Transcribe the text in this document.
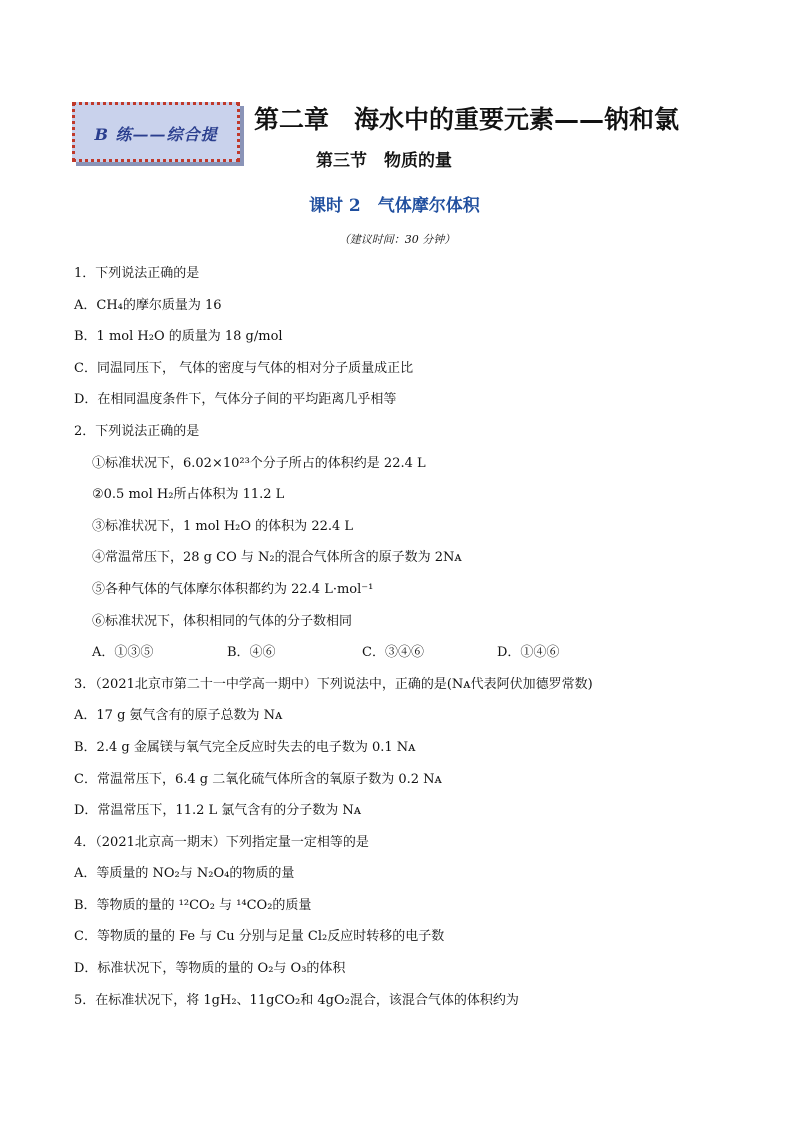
B 练——综合提
第二章　海水中的重要元素——钠和氯
第三节　物质的量
课时 2　气体摩尔体积
（建议时间：30 分钟）
1．下列说法正确的是
A．CH₄的摩尔质量为 16
B．1 mol H₂O 的质量为 18 g/mol
C．同温同压下， 气体的密度与气体的相对分子质量成正比
D．在相同温度条件下，气体分子间的平均距离几乎相等
2．下列说法正确的是
①标准状况下，6.02×10²³个分子所占的体积约是 22.4 L
②0.5 mol H₂所占体积为 11.2 L
③标准状况下，1 mol H₂O 的体积为 22.4 L
④常温常压下，28 g CO 与 N₂的混合气体所含的原子数为 2Nᴀ
⑤各种气体的气体摩尔体积都约为 22.4 L·mol⁻¹
⑥标准状况下，体积相同的气体的分子数相同
A．①③⑤	B．④⑥	C．③④⑥	D．①④⑥
3．（2021北京市第二十一中学高一期中）下列说法中，正确的是(Nᴀ代表阿伏加德罗常数)
A．17 g 氨气含有的原子总数为 Nᴀ
B．2.4 g 金属镁与氧气完全反应时失去的电子数为 0.1 Nᴀ
C．常温常压下，6.4 g 二氧化硫气体所含的氧原子数为 0.2 Nᴀ
D．常温常压下，11.2 L 氯气含有的分子数为 Nᴀ
4．（2021北京高一期末）下列指定量一定相等的是
A．等质量的 NO₂与 N₂O₄的物质的量
B．等物质的量的 ¹²CO₂ 与 ¹⁴CO₂的质量
C．等物质的量的 Fe 与 Cu 分别与足量 Cl₂反应时转移的电子数
D．标准状况下，等物质的量的 O₂与 O₃的体积
5．在标准状况下，将 1gH₂、11gCO₂和 4gO₂混合，该混合气体的体积约为
